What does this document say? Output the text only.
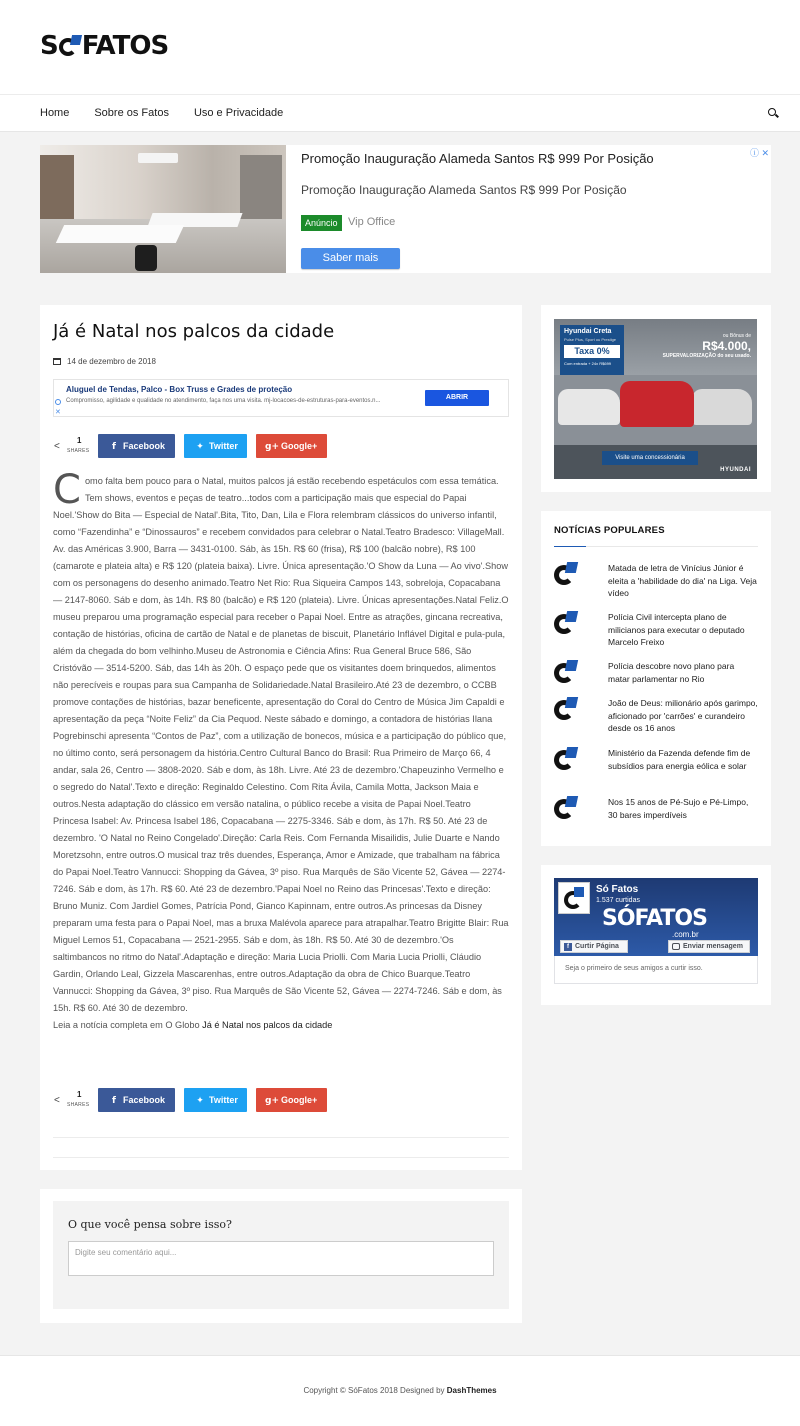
S FATOS
Home Sobre os Fatos Uso e Privacidade
Promoção Inauguração Alameda Santos R$ 999 Por Posição
Promoção Inauguração Alameda Santos R$ 999 Por Posição
Anúncio Vip Office
Saber mais
ⓘ ✕
Já é Natal nos palcos da cidade
14 de dezembro de 2018
✕
Aluguel de Tendas, Palco - Box Truss e Grades de proteção
Compromisso, agilidade e qualidade no atendimento, faça nos uma visita. mj-locacoes-de-estruturas-para-eventos.n...	ABRIR
<
1
SHARES	f Facebook	✦ Twitter	g+ Google+
Como falta bem pouco para o Natal, muitos palcos já estão recebendo espetáculos com essa temática. Tem shows, eventos e peças de teatro...todos com a participação mais que especial do Papai Noel.'Show do Bita — Especial de Natal'.Bita, Tito, Dan, Lila e Flora relembram clássicos do universo infantil, como “Fazendinha” e “Dinossauros” e recebem convidados para celebrar o Natal.Teatro Bradesco: VillageMall. Av. das Américas 3.900, Barra — 3431-0100. Sáb, às 15h. R$ 60 (frisa), R$ 100 (balcão nobre), R$ 100 (camarote e plateia alta) e R$ 120 (plateia baixa). Livre. Única apresentação.'O Show da Luna — Ao vivo'.Show com os personagens do desenho animado.Teatro Net Rio: Rua Siqueira Campos 143, sobreloja, Copacabana — 2147-8060. Sáb e dom, às 14h. R$ 80 (balcão) e R$ 120 (plateia). Livre. Únicas apresentações.Natal Feliz.O museu preparou uma programação especial para receber o Papai Noel. Entre as atrações, gincana recreativa, contação de histórias, oficina de cartão de Natal e de planetas de biscuit, Planetário Inflável Digital e pula-pula, além da chegada do bom velhinho.Museu de Astronomia e Ciência Afins: Rua General Bruce 586, São Cristóvão — 3514-5200. Sáb, das 14h às 20h. O espaço pede que os visitantes doem brinquedos, alimentos não perecíveis e roupas para sua Campanha de Solidariedade.Natal Brasileiro.Até 23 de dezembro, o CCBB promove contações de histórias, bazar beneficente, apresentação do Coral do Centro de Música Jim Capaldi e apresentação da peça “Noite Feliz” da Cia Pequod. Neste sábado e domingo, a contadora de histórias Ilana Pogrebinschi apresenta “Contos de Paz”, com a utilização de bonecos, música e a participação do público que, no último conto, será personagem da história.Centro Cultural Banco do Brasil: Rua Primeiro de Março 66, 4 andar, sala 26, Centro — 3808-2020. Sáb e dom, às 18h. Livre. Até 23 de dezembro.'Chapeuzinho Vermelho e o segredo do Natal'.Texto e direção: Reginaldo Celestino. Com Rita Ávila, Camila Motta, Jackson Maia e outros.Nesta adaptação do clássico em versão natalina, o público recebe a visita de Papai Noel.Teatro Princesa Isabel: Av. Princesa Isabel 186, Copacabana — 2275-3346. Sáb e dom, às 17h. R$ 50. Até 23 de dezembro. 'O Natal no Reino Congelado'.Direção: Carla Reis. Com Fernanda Misailidis, Julie Duarte e Nando Moretzsohn, entre outros.O musical traz três duendes, Esperança, Amor e Amizade, que trabalham na fábrica do Papai Noel.Teatro Vannucci: Shopping da Gávea, 3º piso. Rua Marquês de São Vicente 52, Gávea — 2274-7246. Sáb e dom, às 17h. R$ 60. Até 23 de dezembro.'Papai Noel no Reino das Princesas'.Texto e direção: Bruno Muniz. Com Jardiel Gomes, Patrícia Pond, Gianco Kapinnam, entre outros.As princesas da Disney preparam uma festa para o Papai Noel, mas a bruxa Malévola aparece para atrapalhar.Teatro Brigitte Blair: Rua Miguel Lemos 51, Copacabana — 2521-2955. Sáb e dom, às 18h. R$ 50. Até 30 de dezembro.'Os saltimbancos no ritmo do Natal'.Adaptação e direção: Maria Lucia Priolli. Com Maria Lucia Priolli, Cláudio Gardin, Orlando Leal, Gizzela Mascarenhas, entre outros.Adaptação da obra de Chico Buarque.Teatro Vannucci: Shopping da Gávea, 3º piso. Rua Marquês de São Vicente 52, Gávea — 2274-7246. Sáb e dom, às 15h. R$ 60. Até 30 de dezembro.
Leia a notícia completa em O Globo Já é Natal nos palcos da cidade
<
1
SHARES	f Facebook	✦ Twitter	g+ Google+
O que você pensa sobre isso?
Digite seu comentário aqui...
Hyundai Creta
Pulse Plus, Sport ou Prestige
Taxa 0%
Com entrada + 24x R$699
ou Bônus de
R$4.000,
SUPERVALORIZAÇÃO do seu usado.
Visite uma concessionária
HYUNDAI
NOTÍCIAS POPULARES
Matada de letra de Vinícius Júnior é eleita a 'habilidade do dia' na Liga. Veja vídeo
Polícia Civil intercepta plano de milicianos para executar o deputado Marcelo Freixo
Polícia descobre novo plano para matar parlamentar no Rio
João de Deus: milionário após garimpo, aficionado por 'carrões' e curandeiro desde os 16 anos
Ministério da Fazenda defende fim de subsídios para energia eólica e solar
Nos 15 anos de Pé-Sujo e Pé-Limpo, 30 bares imperdíveis
SÓFATOS
.com.br
Só Fatos
1.537 curtidas
f Curtir Página	Enviar mensagem
Seja o primeiro de seus amigos a curtir isso.

Copyright © SóFatos 2018 Designed by DashThemes
